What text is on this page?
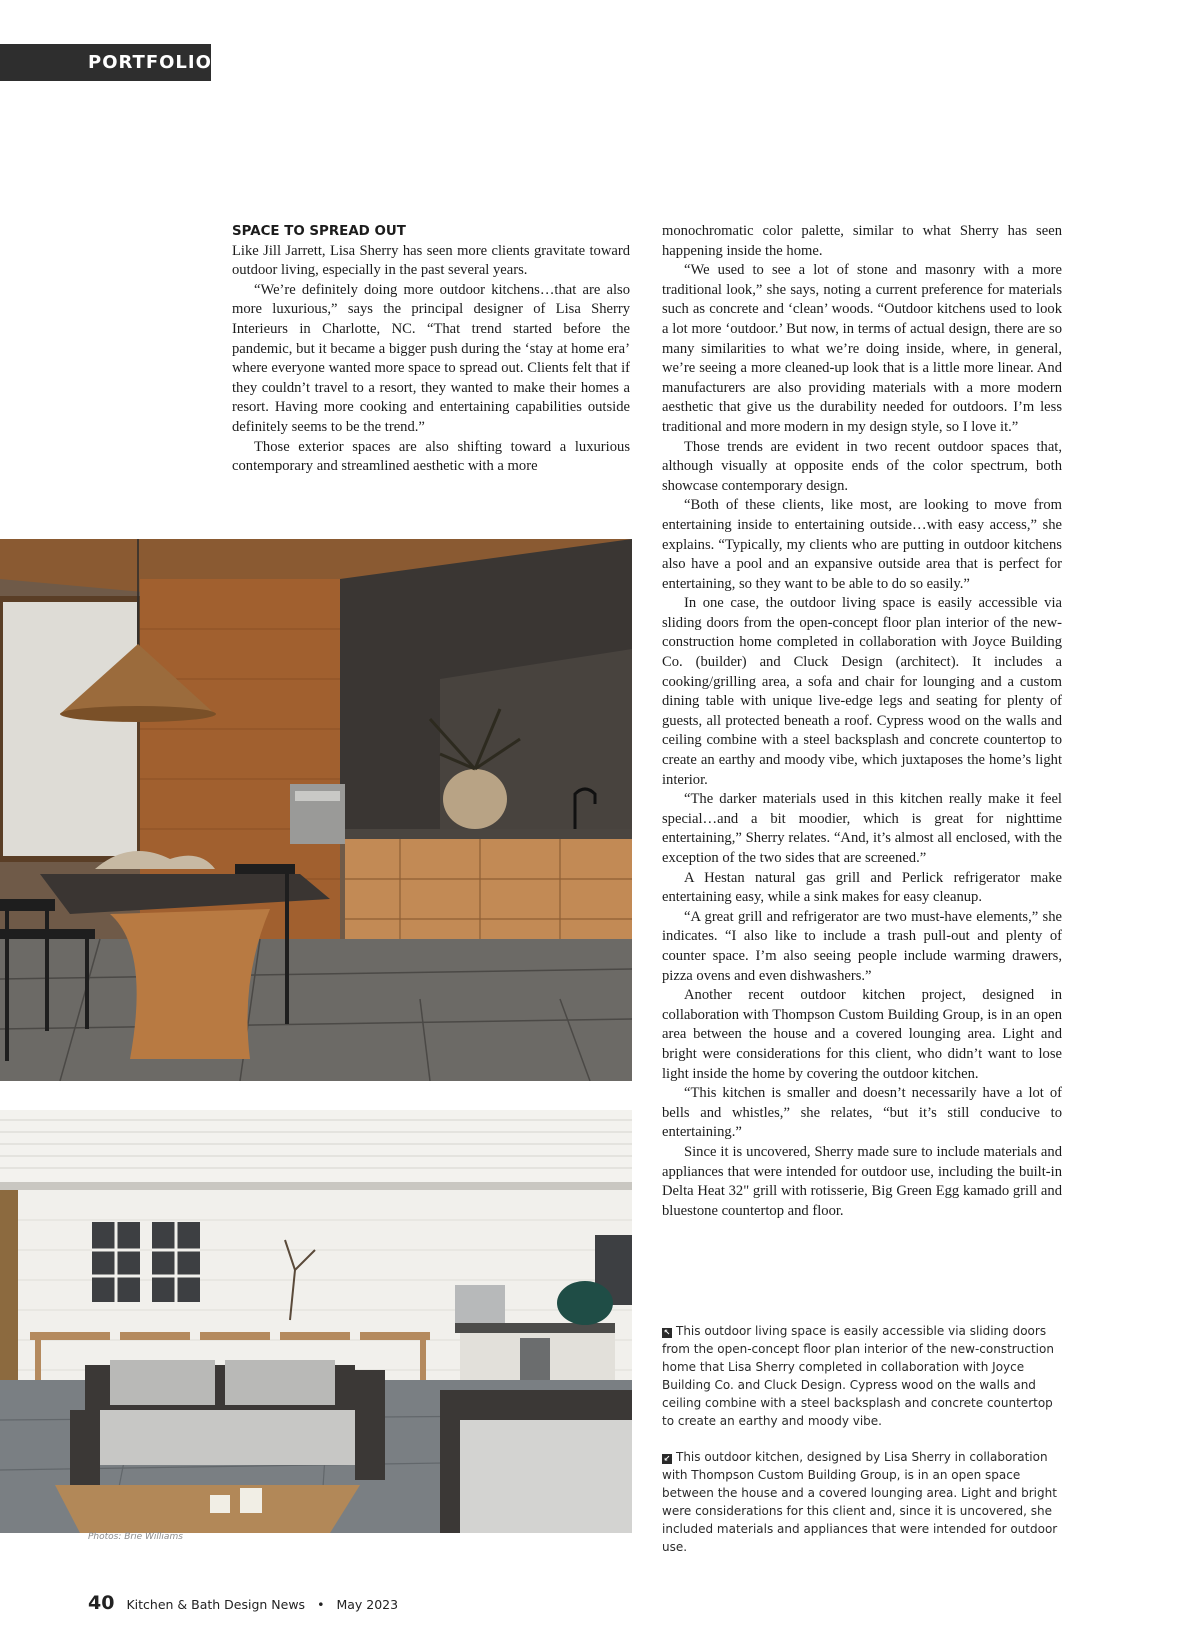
PORTFOLIO
SPACE TO SPREAD OUT

Like Jill Jarrett, Lisa Sherry has seen more clients gravitate toward outdoor living, especially in the past several years.

“We’re definitely doing more outdoor kitchens…that are also more luxurious,” says the principal designer of Lisa Sherry Interieurs in Charlotte, NC. “That trend started before the pandemic, but it became a bigger push during the ‘stay at home era’ where everyone wanted more space to spread out. Clients felt that if they couldn’t travel to a resort, they wanted to make their homes a resort. Having more cooking and entertaining capabilities outside definitely seems to be the trend.”

Those exterior spaces are also shifting toward a luxurious contemporary and streamlined aesthetic with a more

monochromatic color palette, similar to what Sherry has seen happening inside the home.

“We used to see a lot of stone and masonry with a more traditional look,” she says, noting a current preference for materials such as concrete and ‘clean’ woods. “Outdoor kitchens used to look a lot more ‘outdoor.’ But now, in terms of actual design, there are so many similarities to what we’re doing inside, where, in general, we’re seeing a more cleaned-up look that is a little more linear. And manufacturers are also providing materials with a more modern aesthetic that give us the durability needed for outdoors. I’m less traditional and more modern in my design style, so I love it.”

Those trends are evident in two recent outdoor spaces that, although visually at opposite ends of the color spectrum, both showcase contemporary design.

“Both of these clients, like most, are looking to move from entertaining inside to entertaining outside…with easy access,” she explains. “Typically, my clients who are putting in outdoor kitchens also have a pool and an expansive outside area that is perfect for entertaining, so they want to be able to do so easily.”

In one case, the outdoor living space is easily accessible via sliding doors from the open-concept floor plan interior of the new-construction home completed in collaboration with Joyce Building Co. (builder) and Cluck Design (architect). It includes a cooking/grilling area, a sofa and chair for lounging and a custom dining table with unique live-edge legs and seating for plenty of guests, all protected beneath a roof. Cypress wood on the walls and ceiling combine with a steel backsplash and concrete countertop to create an earthy and moody vibe, which juxtaposes the home’s light interior.

“The darker materials used in this kitchen really make it feel special…and a bit moodier, which is great for nighttime entertaining,” Sherry relates. “And, it’s almost all enclosed, with the exception of the two sides that are screened.”

A Hestan natural gas grill and Perlick refrigerator make entertaining easy, while a sink makes for easy cleanup.

“A great grill and refrigerator are two must-have elements,” she indicates. “I also like to include a trash pull-out and plenty of counter space. I’m also seeing people include warming drawers, pizza ovens and even dishwashers.”

Another recent outdoor kitchen project, designed in collaboration with Thompson Custom Building Group, is in an open area between the house and a covered lounging area. Light and bright were considerations for this client, who didn’t want to lose light inside the home by covering the outdoor kitchen.

“This kitchen is smaller and doesn’t necessarily have a lot of bells and whistles,” she relates, “but it’s still conducive to entertaining.”

Since it is uncovered, Sherry made sure to include materials and appliances that were intended for outdoor use, including the built-in Delta Heat 32" grill with rotisserie, Big Green Egg kamado grill and bluestone countertop and floor.

Photos: Brie Williams
↖ This outdoor living space is easily accessible via sliding doors from the open-concept floor plan interior of the new-construction home that Lisa Sherry completed in collaboration with Joyce Building Co. and Cluck Design. Cypress wood on the walls and ceiling combine with a steel backsplash and concrete countertop to create an earthy and moody vibe.
↙ This outdoor kitchen, designed by Lisa Sherry in collaboration with Thompson Custom Building Group, is in an open space between the house and a covered lounging area. Light and bright were considerations for this client and, since it is uncovered, she included materials and appliances that were intended for outdoor use.
40 Kitchen & Bath Design News • May 2023
